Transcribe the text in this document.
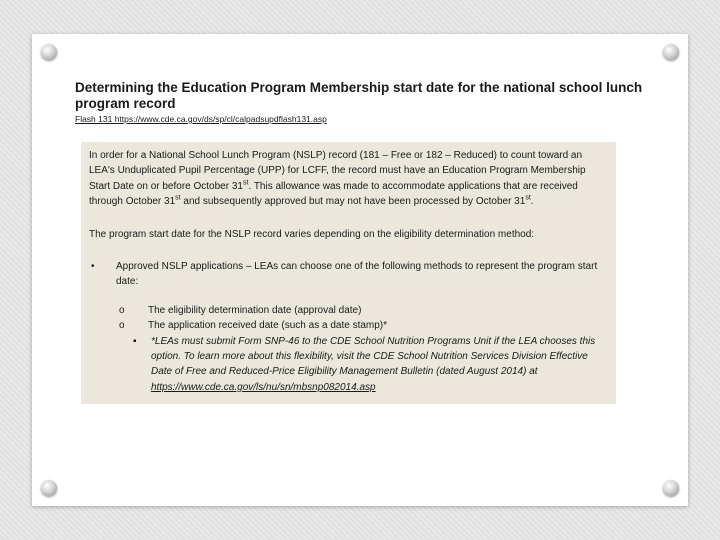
Determining the Education Program Membership start date for the national school lunch program record
Flash 131 https://www.cde.ca.gov/ds/sp/cl/calpadsupdflash131.asp

In order for a National School Lunch Program (NSLP) record (181 – Free or 182 – Reduced) to count toward an LEA's Unduplicated Pupil Percentage (UPP) for LCFF, the record must have an Education Program Membership Start Date on or before October 31st. This allowance was made to accommodate applications that are received through October 31st and subsequently approved but may not have been processed by October 31st.

The program start date for the NSLP record varies depending on the eligibility determination method:

• Approved NSLP applications – LEAs can choose one of the following methods to represent the program start date:
o The eligibility determination date (approval date)
o The application received date (such as a date stamp)*
▪ *LEAs must submit Form SNP-46 to the CDE School Nutrition Programs Unit if the LEA chooses this option. To learn more about this flexibility, visit the CDE School Nutrition Services Division Effective Date of Free and Reduced-Price Eligibility Management Bulletin (dated August 2014) at https://www.cde.ca.gov/ls/nu/sn/mbsnp082014.asp
